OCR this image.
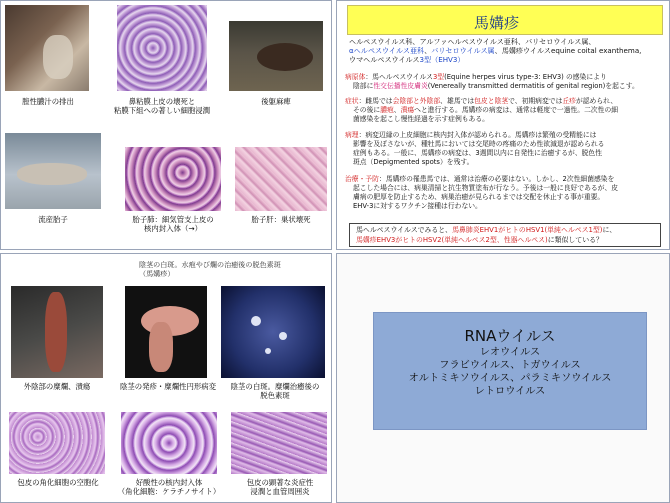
膣性膿汁の排出	鼻粘膜上皮の壊死と
粘膜下組への著しい細胞浸潤
後躯麻痺
流産胎子	胎子肺：細気管支上皮の
核内封入体（→）
胎子肝：巣状壊死
馬媾疹
ヘルペスウイルス科、アルファヘルペスウイルス亜科、バリセロウイルス属、
αヘルペスウイルス亜科、バリセロウイルス属、馬媾疹ウイルスequine coital exanthema,
ウマヘルペスウイルス3型（EHV3）
病原体：馬ヘルペスウイルス3型(Equine herpes virus type-3: EHV3) の感染により
陰部に性交伝播性皮膚炎(Venereally transmitted dermatitis of genital region)を起こす。
症状：雌馬では会陰部と外陰部、雄馬では包皮と陰茎で、初期病変では丘疹が認められ、
その後に膿疱、潰瘍へと進行する。馬媾疹の病変は、通常は軽度で一過性。二次性の細
菌感染を起こし慢性経過を示す症例もある。
病理：病変辺縁の上皮細胞に核内封入体が認められる。馬媾疹は繁殖の受精能には
影響を及ぼさないが、種牡馬においては交尾時の疼痛のため性欲減退が認められる
症例もある。一般に、馬媾疹の病変は、3週間以内に自発性に治癒するが、脱色性
斑点（Depigmented spots）を残す。
治療・予防：馬媾疹の罹患馬では、通常は治療の必要はない。しかし、2次性細菌感染を
起こした場合には、病巣清掃と抗生物質塗布が行なう。予後は一般に良好であるが、皮
膚病の肥厚を防止するため、病巣治癒が見られるまでは交配を休止する事が重要。
EHV-3に対するワクチン接種は行わない。
馬ヘルペスウイルスでみると、馬鼻肺炎EHV1がヒトのHSV1(単純ヘルペス1型)に、
馬媾疹EHV3がヒトのHSV2(単純ヘルペス2型、性器ヘルペス)に類似している？
陰茎の白斑。水疱やび爛の治癒後の脱色素斑
（馬媾疹）
外陰部の糜爛、潰瘍	陰茎の発疹・糜爛性円形病変	陰茎の白斑。糜爛治癒後の
脱色素斑
包皮の角化細胞の空胞化	好酸性の核内封入体
（角化細胞：ケラチノサイト）
包皮の顕著な炎症性
浸潤と血管周囲炎
RNAウイルス
レオウイルス
フラビウイルス、トガウイルス
オルトミキソウイルス、パラミキソウイルス
レトロウイルス
